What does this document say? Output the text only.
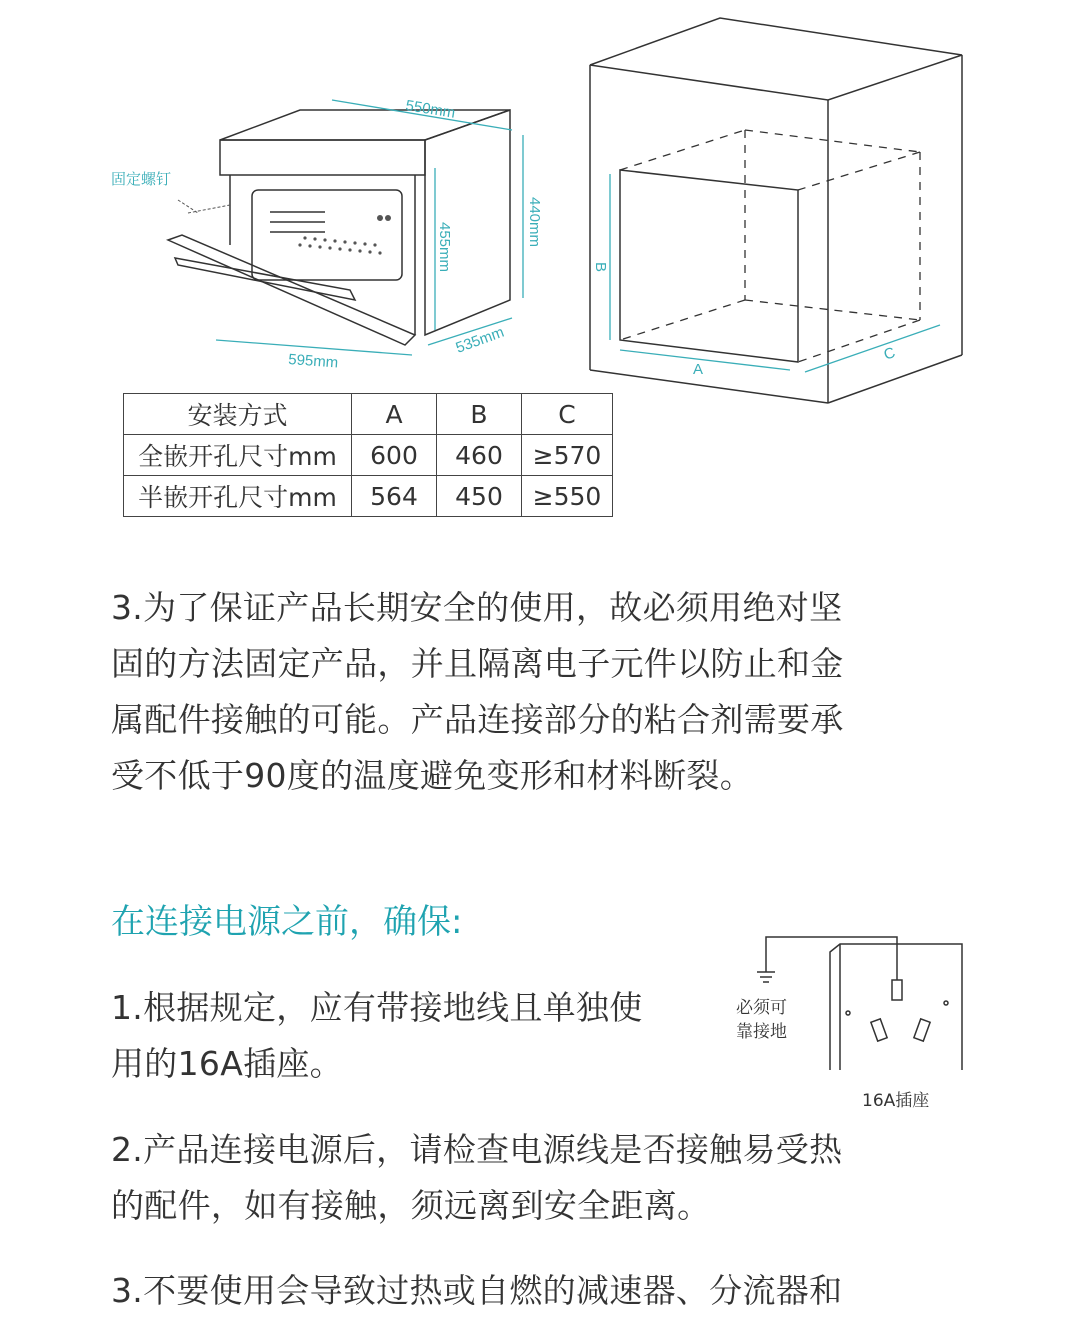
固定螺钉
550mm
455mm	440mm
535mm
595mm
B
A
C
安装方式	A	B	C
全嵌开孔尺寸mm	600	460	≥570
半嵌开孔尺寸mm	564	450	≥550
3.为了保证产品长期安全的使用，故必须用绝对坚
固的方法固定产品，并且隔离电子元件以防止和金
属配件接触的可能。产品连接部分的粘合剂需要承
受不低于90度的温度避免变形和材料断裂。
在连接电源之前，确保:
1.根据规定，应有带接地线且单独使
用的16A插座。
必须可
靠接地
16A插座
2.产品连接电源后，请检查电源线是否接触易受热
的配件，如有接触，须远离到安全距离。
3.不要使用会导致过热或自燃的减速器、分流器和
